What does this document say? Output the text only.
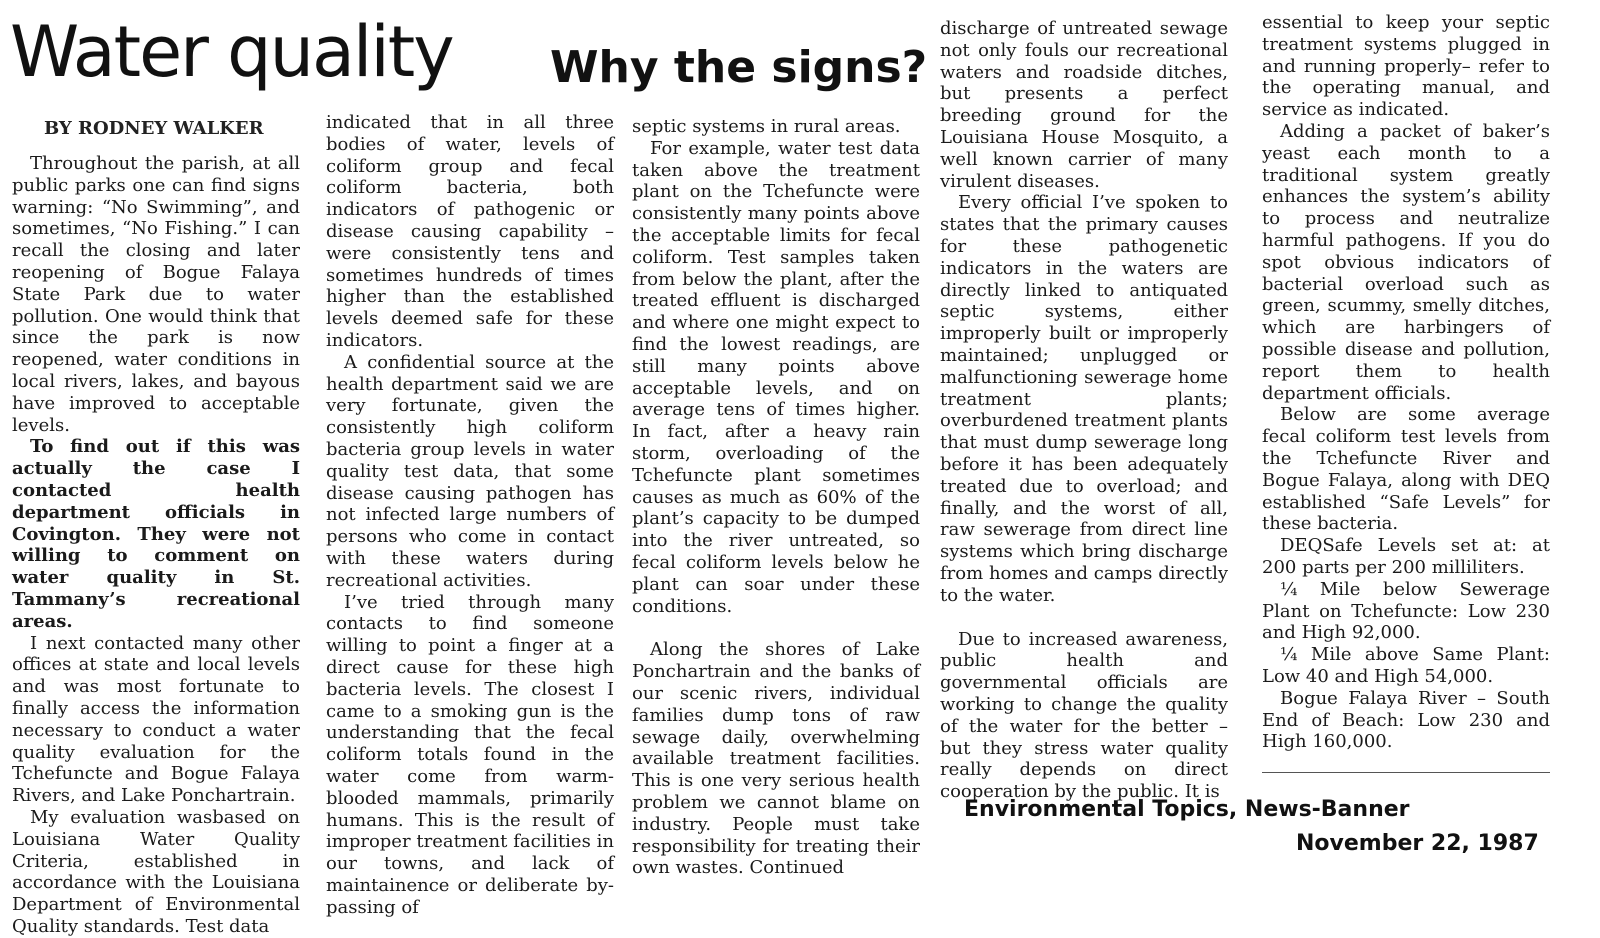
Water quality Why the signs?
BY RODNEY WALKER

Throughout the parish, at all public parks one can find signs warning: “No Swimming”, and sometimes, “No Fishing.” I can recall the closing and later reopening of Bogue Falaya State Park due to water pollution. One would think that since the park is now reopened, water conditions in local rivers, lakes, and bayous have improved to acceptable levels.

To find out if this was actually the case I contacted health department officials in Covington. They were not willing to comment on water quality in St. Tammany’s recreational areas.

I next contacted many other offices at state and local levels and was most fortunate to finally access the information necessary to conduct a water quality evaluation for the Tchefuncte and Bogue Falaya Rivers, and Lake Ponchartrain.

My evaluation wasbased on Louisiana Water Quality Criteria, established in accordance with the Louisiana Department of Environmental Quality standards. Test data

indicated that in all three bodies of water, levels of coliform group and fecal coliform bacteria, both indicators of pathogenic or disease causing capability – were consistently tens and sometimes hundreds of times higher than the established levels deemed safe for these indicators.

A confidential source at the health department said we are very fortunate, given the consistently high coliform bacteria group levels in water quality test data, that some disease causing pathogen has not infected large numbers of persons who come in contact with these waters during recreational activities.

I’ve tried through many contacts to find someone willing to point a finger at a direct cause for these high bacteria levels. The closest I came to a smoking gun is the understanding that the fecal coliform totals found in the water come from warm-blooded mammals, primarily humans. This is the result of improper treatment facilities in our towns, and lack of maintainence or deliberate by-passing of

septic systems in rural areas.

For example, water test data taken above the treatment plant on the Tchefuncte were consistently many points above the acceptable limits for fecal coliform. Test samples taken from below the plant, after the treated effluent is discharged and where one might expect to find the lowest readings, are still many points above acceptable levels, and on average tens of times higher. In fact, after a heavy rain storm, overloading of the Tchefuncte plant sometimes causes as much as 60% of the plant’s capacity to be dumped into the river untreated, so fecal coliform levels below he plant can soar under these conditions.

Along the shores of Lake Ponchartrain and the banks of our scenic rivers, individual families dump tons of raw sewage daily, overwhelming available treatment facilities. This is one very serious health problem we cannot blame on industry. People must take responsibility for treating their own wastes. Continued

discharge of untreated sewage not only fouls our recreational waters and roadside ditches, but presents a perfect breeding ground for the Louisiana House Mosquito, a well known carrier of many virulent diseases.

Every official I’ve spoken to states that the primary causes for these pathogenetic indicators in the waters are directly linked to antiquated septic systems, either improperly built or improperly maintained; unplugged or malfunctioning sewerage home treatment plants; overburdened treatment plants that must dump sewerage long before it has been adequately treated due to overload; and finally, and the worst of all, raw sewerage from direct line systems which bring discharge from homes and camps directly to the water.

Due to increased awareness, public health and governmental officials are working to change the quality of the water for the better – but they stress water quality really depends on direct cooperation by the public. It is

essential to keep your septic treatment systems plugged in and running properly– refer to the operating manual, and service as indicated.

Adding a packet of baker’s yeast each month to a traditional system greatly enhances the system’s ability to process and neutralize harmful pathogens. If you do spot obvious indicators of bacterial overload such as green, scummy, smelly ditches, which are harbingers of possible disease and pollution, report them to health department officials.

Below are some average fecal coliform test levels from the Tchefuncte River and Bogue Falaya, along with DEQ established “Safe Levels” for these bacteria.

DEQSafe Levels set at: at 200 parts per 200 milliliters.

¼ Mile below Sewerage Plant on Tchefuncte: Low 230 and High 92,000.

¼ Mile above Same Plant: Low 40 and High 54,000.

Bogue Falaya River – South End of Beach: Low 230 and High 160,000.

Environmental Topics, News-Banner
November 22, 1987
